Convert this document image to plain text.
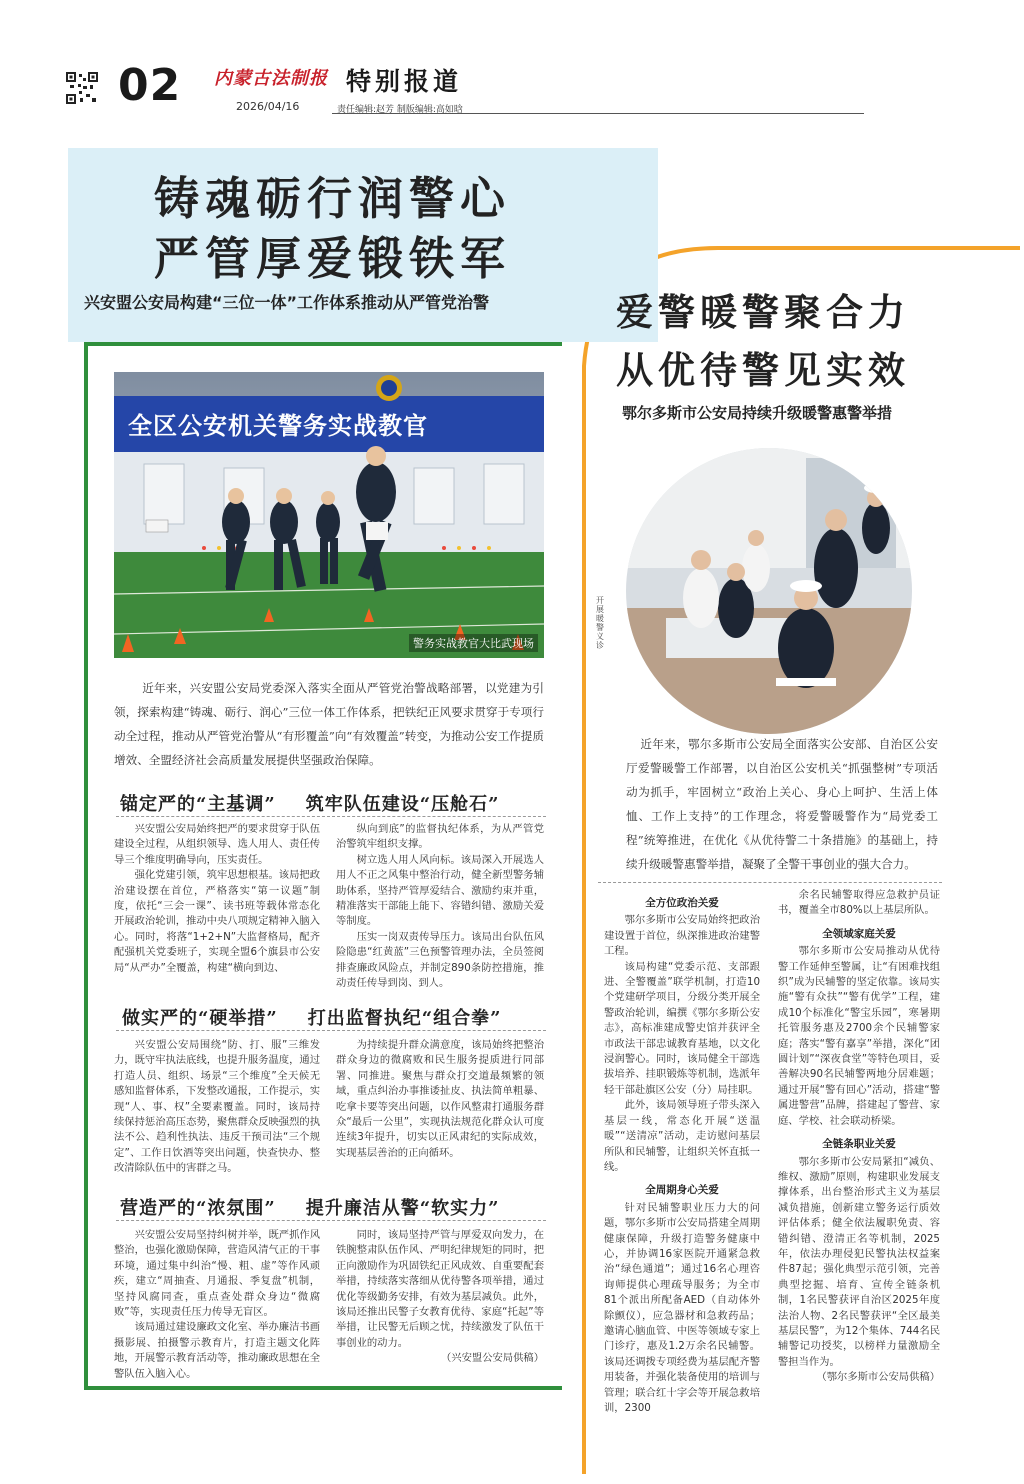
02 内蒙古法制报
2026/04/16
特别报道
责任编辑:赵芳 制版编辑:高如晗
铸魂砺行润警心
严管厚爱锻铁军
兴安盟公安局构建“三位一体”工作体系推动从严管党治警
全区公安机关警务实战教官
警务实战教官大比武现场
近年来，兴安盟公安局党委深入落实全面从严管党治警战略部署，以党建为引领，探索构建“铸魂、砺行、润心”三位一体工作体系，把铁纪正风要求贯穿于专项行动全过程，推动从严管党治警从“有形覆盖”向“有效覆盖”转变，为推动公安工作提质增效、全盟经济社会高质量发展提供坚强政治保障。
锚定严的“主基调” 筑牢队伍建设“压舱石”

兴安盟公安局始终把严的要求贯穿于队伍建设全过程，从组织领导、选人用人、责任传导三个维度明确导向，压实责任。

强化党建引领，筑牢思想根基。该局把政治建设摆在首位，严格落实“第一议题”制度，依托“三会一课”、读书班等载体常态化开展政治轮训，推动中央八项规定精神入脑入心。同时，将落“1+2+N”大监督格局，配齐配强机关党委班子，实现全盟6个旗县市公安局“从严办”全覆盖，构建“横向到边、

纵向到底”的监督执纪体系，为从严管党治警筑牢组织支撑。

树立选人用人风向标。该局深入开展选人用人不正之风集中整治行动，健全新型警务辅助体系，坚持严管厚爱结合、激励约束并重，精准落实干部能上能下、容错纠错、激励关爱等制度。

压实一岗双责传导压力。该局出台队伍风险隐患“红黄蓝”三色预警管理办法，全员签阅排查廉政风险点，并制定890条防控措施，推动责任传导到岗、到人。

做实严的“硬举措” 打出监督执纪“组合拳”

兴安盟公安局围绕“防、打、服”三维发力，既守牢执法底线，也提升服务温度，通过打造人员、组织、场景“三个维度”全天候无感知监督体系，下发整改通报，工作提示，实现“人、事、权”全要素覆盖。同时，该局持续保持惩治高压态势，聚焦群众反映强烈的执法不公、趋利性执法、违反干预司法“三个规定”、工作日饮酒等突出问题，快查快办、整改清除队伍中的害群之马。

为持续提升群众满意度，该局始终把整治群众身边的微腐败和民生服务提质进行同部署、同推进。聚焦与群众打交道最频繁的领域，重点纠治办事推诿扯皮、执法简单粗暴、吃拿卡要等突出问题，以作风整肃打通服务群众“最后一公里”，实现执法规范化群众认可度连续3年提升，切实以正风肃纪的实际成效，实现基层善治的正向循环。

营造严的“浓氛围” 提升廉洁从警“软实力”

兴安盟公安局坚持纠树并举，既严抓作风整治，也强化激励保障，营造风清气正的干事环境，通过集中纠治“慢、粗、虚”等作风顽疾，建立“周抽查、月通报、季复盘”机制，坚持风腐同查，重点查处群众身边“微腐败”等，实现责任压力传导无盲区。

该局通过建设廉政文化室、举办廉洁书画摄影展、拍摄警示教育片，打造主题文化阵地，开展警示教育活动等，推动廉政思想在全警队伍入脑入心。

同时，该局坚持严管与厚爱双向发力，在铁腕整肃队伍作风、严明纪律规矩的同时，把正向激励作为巩固铁纪正风成效、自重要配套举措，持续落实落细从优待警各项举措，通过优化等级勤务安排，有效为基层减负。此外，该局还推出民警子女教育优待、家庭“托起”等举措，让民警无后顾之忧，持续激发了队伍干事创业的动力。

（兴安盟公安局供稿）

爱警暖警聚合力
从优待警见实效
鄂尔多斯市公安局持续升级暖警惠警举措
开展暖警义诊
近年来，鄂尔多斯市公安局全面落实公安部、自治区公安厅爱警暖警工作部署，以自治区公安机关“抓强整树”专项活动为抓手，牢固树立“政治上关心、身心上呵护、生活上体恤、工作上支持”的工作理念，将爱警暖警作为“局党委工程”统筹推进，在优化《从优待警二十条措施》的基础上，持续升级暖警惠警举措，凝聚了全警干事创业的强大合力。
全方位政治关爱

鄂尔多斯市公安局始终把政治建设置于首位，纵深推进政治建警工程。

该局构建“党委示范、支部跟进、全警覆盖”联学机制，打造10个党建研学项目，分级分类开展全警政治轮训，编撰《鄂尔多斯公安志》，高标准建成警史馆并获评全市政法干部忠诚教育基地，以文化浸润警心。同时，该局健全干部选拔培养、挂职锻炼等机制，选派年轻干部赴旗区公安（分）局挂职。

此外，该局领导班子带头深入基层一线，常态化开展“送温暖”“送清凉”活动，走访慰问基层所队和民辅警，让组织关怀直抵一线。

全周期身心关爱

针对民辅警职业压力大的问题，鄂尔多斯市公安局搭建全周期健康保障，升级打造警务健康中心，并协调16家医院开通紧急救治“绿色通道”；通过16名心理咨询师提供心理疏导服务；为全市81个派出所配备AED（自动体外除颤仪），应急器材和急救药品；邀请心脑血管、中医等领域专家上门诊疗，惠及1.2万余名民辅警。该局还调拨专项经费为基层配齐警用装备，并强化装备使用的培训与管理；联合红十字会等开展急救培训，2300

余名民辅警取得应急救护员证书，覆盖全市80%以上基层所队。

全领域家庭关爱

鄂尔多斯市公安局推动从优待警工作延伸至警属，让“有困难找组织”成为民辅警的坚定依靠。该局实施“警有众扶”“警有优学”工程，建成10个标准化“警宝乐园”，寒暑期托管服务惠及2700余个民辅警家庭；落实“警有嘉享”举措，深化“团圆计划”“深夜食堂”等特色项目，妥善解决90名民辅警两地分居难题；通过开展“警有回心”活动，搭建“警属进警营”品牌，搭建起了警营、家庭、学校、社会联动桥梁。

全链条职业关爱

鄂尔多斯市公安局紧扣“减负、维权、激励”原则，构建职业发展支撑体系，出台整治形式主义为基层减负措施，创新建立警务运行质效评估体系；健全依法履职免责、容错纠错、澄清正名等机制，2025年，依法办理侵犯民警执法权益案件87起；强化典型示范引领，完善典型挖掘、培育、宣传全链条机制，1名民警获评自治区2025年度法治人物、2名民警获评“全区最美基层民警”，为12个集体、744名民辅警记功授奖，以榜样力量激励全警担当作为。

（鄂尔多斯市公安局供稿）
